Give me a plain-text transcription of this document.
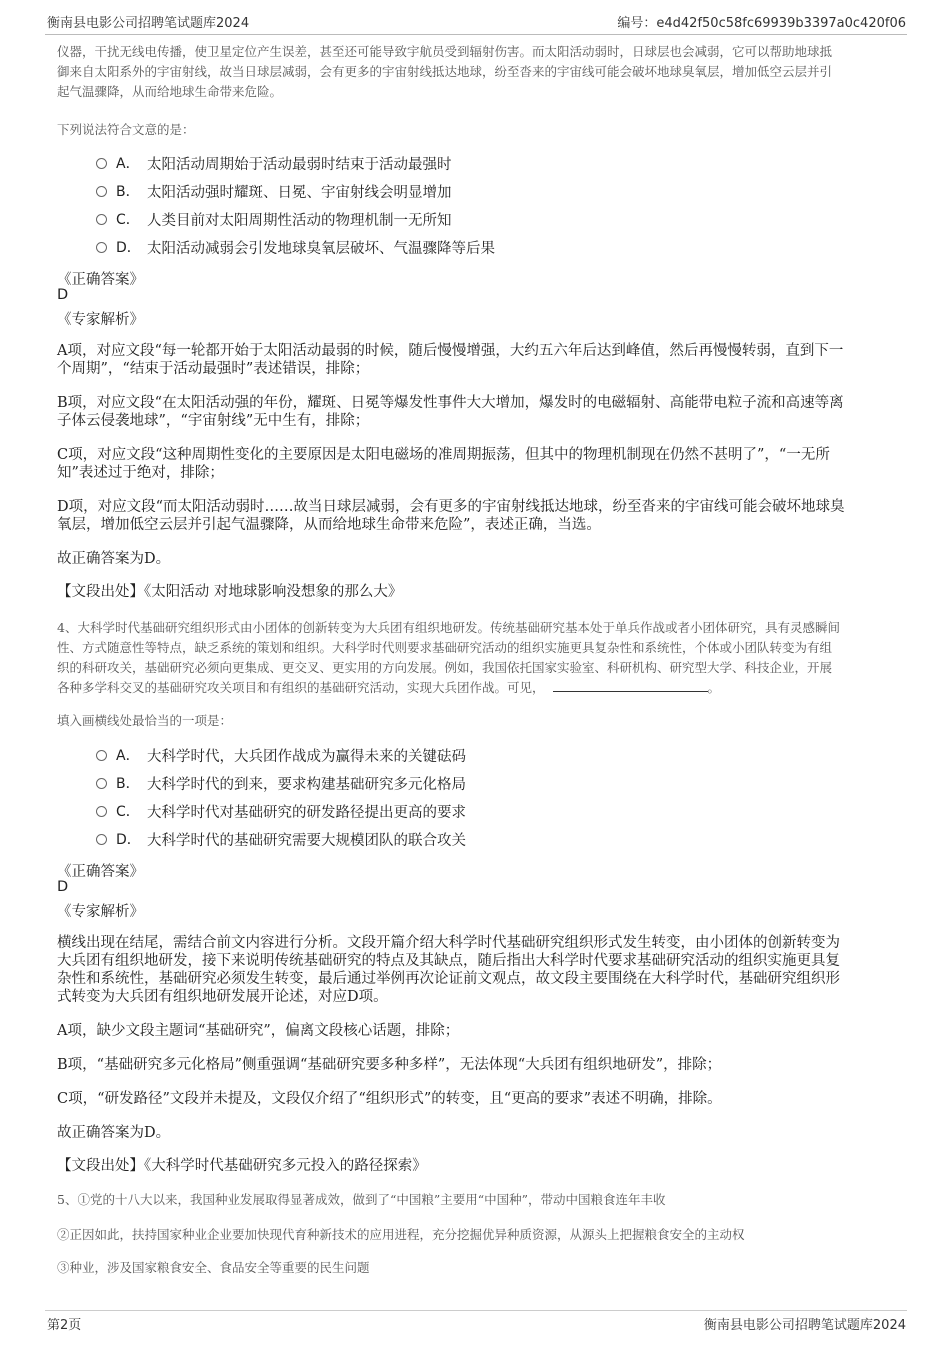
衡南县电影公司招聘笔试题库2024	编号：e4d42f50c58fc69939b3397a0c420f06
仪器，干扰无线电传播，使卫星定位产生误差，甚至还可能导致宇航员受到辐射伤害。而太阳活动弱时，日球层也会减弱，它可以帮助地球抵
御来自太阳系外的宇宙射线，故当日球层减弱，会有更多的宇宙射线抵达地球，纷至沓来的宇宙线可能会破坏地球臭氧层，增加低空云层并引
起气温骤降，从而给地球生命带来危险。
下列说法符合文意的是：
A． 太阳活动周期始于活动最弱时结束于活动最强时
B． 太阳活动强时耀斑、日冕、宇宙射线会明显增加
C． 人类目前对太阳周期性活动的物理机制一无所知
D． 太阳活动减弱会引发地球臭氧层破坏、气温骤降等后果
《正确答案》
D
《专家解析》
A项，对应文段“每一轮都开始于太阳活动最弱的时候，随后慢慢增强，大约五六年后达到峰值，然后再慢慢转弱，直到下一
个周期”，“结束于活动最强时”表述错误，排除；
B项，对应文段“在太阳活动强的年份，耀斑、日冕等爆发性事件大大增加，爆发时的电磁辐射、高能带电粒子流和高速等离
子体云侵袭地球”，“宇宙射线”无中生有，排除；
C项，对应文段“这种周期性变化的主要原因是太阳电磁场的准周期振荡，但其中的物理机制现在仍然不甚明了”，“一无所
知”表述过于绝对，排除；
D项，对应文段“而太阳活动弱时……故当日球层减弱，会有更多的宇宙射线抵达地球，纷至沓来的宇宙线可能会破坏地球臭
氧层，增加低空云层并引起气温骤降，从而给地球生命带来危险”，表述正确，当选。
故正确答案为D。
【文段出处】《太阳活动 对地球影响没想象的那么大》
4、大科学时代基础研究组织形式由小团体的创新转变为大兵团有组织地研发。传统基础研究基本处于单兵作战或者小团体研究，具有灵感瞬间
性、方式随意性等特点，缺乏系统的策划和组织。大科学时代则要求基础研究活动的组织实施更具复杂性和系统性，个体或小团队转变为有组
织的科研攻关，基础研究必须向更集成、更交叉、更实用的方向发展。例如，我国依托国家实验室、科研机构、研究型大学、科技企业，开展
各种多学科交叉的基础研究攻关项目和有组织的基础研究活动，实现大兵团作战。可见，	。
填入画横线处最恰当的一项是：
A． 大科学时代，大兵团作战成为赢得未来的关键砝码
B． 大科学时代的到来，要求构建基础研究多元化格局
C． 大科学时代对基础研究的研发路径提出更高的要求
D． 大科学时代的基础研究需要大规模团队的联合攻关
《正确答案》
D
《专家解析》
横线出现在结尾，需结合前文内容进行分析。文段开篇介绍大科学时代基础研究组织形式发生转变，由小团体的创新转变为
大兵团有组织地研发，接下来说明传统基础研究的特点及其缺点，随后指出大科学时代要求基础研究活动的组织实施更具复
杂性和系统性，基础研究必须发生转变，最后通过举例再次论证前文观点，故文段主要围绕在大科学时代，基础研究组织形
式转变为大兵团有组织地研发展开论述，对应D项。
A项，缺少文段主题词“基础研究”，偏离文段核心话题，排除；
B项，“基础研究多元化格局”侧重强调“基础研究要多种多样”，无法体现“大兵团有组织地研发”，排除；
C项，“研发路径”文段并未提及，文段仅介绍了“组织形式”的转变，且“更高的要求”表述不明确，排除。
故正确答案为D。
【文段出处】《大科学时代基础研究多元投入的路径探索》
5、①党的十八大以来，我国种业发展取得显著成效，做到了“中国粮”主要用“中国种”，带动中国粮食连年丰收
②正因如此，扶持国家种业企业要加快现代育种新技术的应用进程，充分挖掘优异种质资源，从源头上把握粮食安全的主动权
③种业，涉及国家粮食安全、食品安全等重要的民生问题
第2页	衡南县电影公司招聘笔试题库2024
